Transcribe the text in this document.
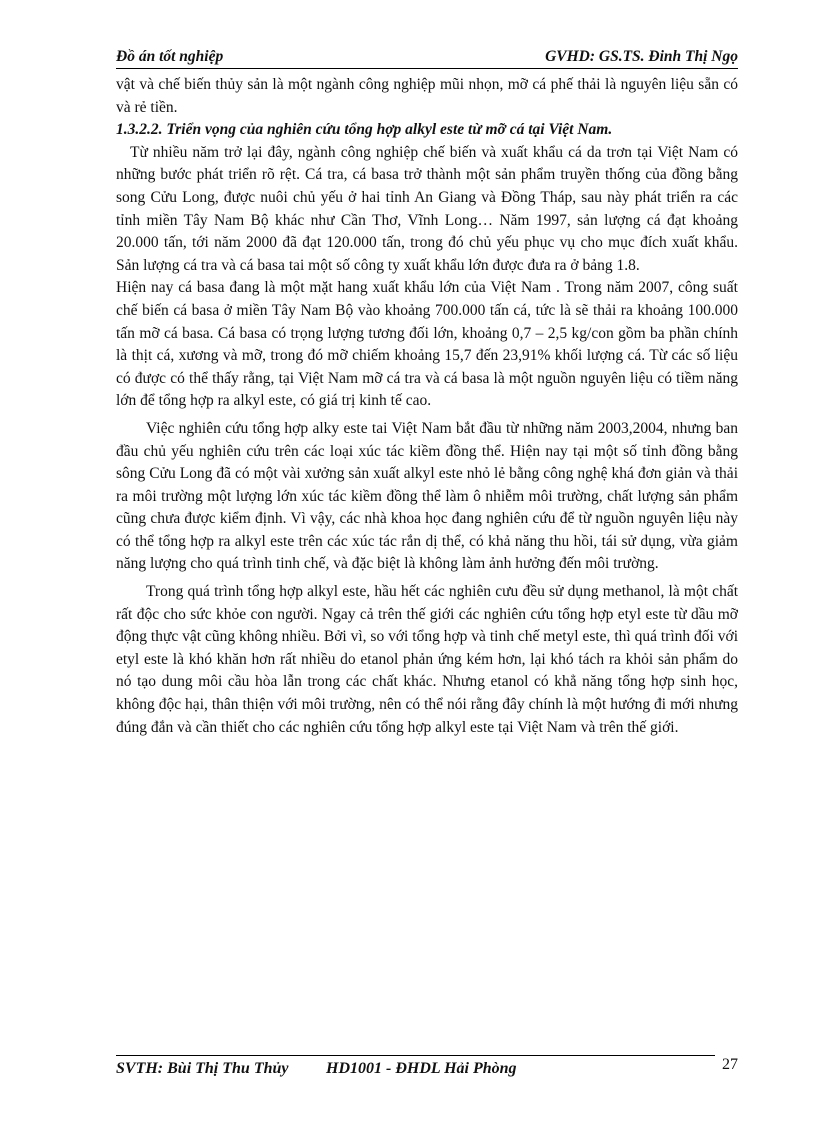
Đồ án tốt nghiệp	GVHD: GS.TS. Đinh Thị Ngọ

vật và chế biến thủy sản là một ngành công nghiệp mũi nhọn, mỡ cá phế thải là nguyên liệu sẵn có và rẻ tiền.

1.3.2.2. Triển vọng của nghiên cứu tổng hợp alkyl este từ mỡ cá tại Việt Nam.

Từ nhiều năm trở lại đây, ngành công nghiệp chế biến và xuất khẩu cá da trơn tại Việt Nam có những bước phát triển rõ rệt. Cá tra, cá basa trở thành một sản phẩm truyền thống của đồng bằng song Cửu Long, được nuôi chủ yếu ở hai tỉnh An Giang và Đồng Tháp, sau này phát triển ra các tỉnh miền Tây Nam Bộ khác như Cần Thơ, Vĩnh Long… Năm 1997, sản lượng cá đạt khoảng 20.000 tấn, tới năm 2000 đã đạt 120.000 tấn, trong đó chủ yếu phục vụ cho mục đích xuất khẩu. Sản lượng cá tra và cá basa tai một số công ty xuất khẩu lớn được đưa ra ở bảng 1.8.

Hiện nay cá basa đang là một mặt hang xuất khẩu lớn của Việt Nam . Trong năm 2007, công suất chế biến cá basa ở miền Tây Nam Bộ vào khoảng 700.000 tấn cá, tức là sẽ thải ra khoảng 100.000 tấn mỡ cá basa. Cá basa có trọng lượng tương đối lớn, khoảng 0,7 – 2,5 kg/con gồm ba phần chính là thịt cá, xương và mỡ, trong đó mỡ chiếm khoảng 15,7 đến 23,91% khối lượng cá. Từ các số liệu có được có thể thấy rằng, tại Việt Nam mỡ cá tra và cá basa là một nguồn nguyên liệu có tiềm năng lớn để tổng hợp ra alkyl este, có giá trị kinh tế cao.

Việc nghiên cứu tổng hợp alky este tai Việt Nam bắt đầu từ những năm 2003,2004, nhưng ban đầu chủ yếu nghiên cứu trên các loại xúc tác kiềm đồng thể. Hiện nay tại một số tỉnh đồng bằng sông Cửu Long đã có một vài xưởng sản xuất alkyl este nhỏ lẻ bằng công nghệ khá đơn giản và thải ra môi trường một lượng lớn xúc tác kiềm đồng thể làm ô nhiễm môi trường, chất lượng sản phẩm cũng chưa được kiểm định. Vì vậy, các nhà khoa học đang nghiên cứu để từ nguồn nguyên liệu này có thể tổng hợp ra alkyl este trên các xúc tác rắn dị thể, có khả năng thu hồi, tái sử dụng, vừa giảm năng lượng cho quá trình tinh chế, và đặc biệt là không làm ảnh hưởng đến môi trường.

Trong quá trình tổng hợp alkyl este, hầu hết các nghiên cưu đều sử dụng methanol, là một chất rất độc cho sức khỏe con người. Ngay cả trên thế giới các nghiên cứu tổng hợp etyl este từ dầu mỡ động thực vật cũng không nhiều. Bởi vì, so với tổng hợp và tinh chế metyl este, thì quá trình đối với etyl este là khó khăn hơn rất nhiều do etanol phản ứng kém hơn, lại khó tách ra khỏi sản phẩm do nó tạo dung môi cầu hòa lẫn trong các chất khác. Nhưng etanol có khẳ năng tổng hợp sinh học, không độc hại, thân thiện với môi trường, nên có thể nói rằng đây chính là một hướng đi mới nhưng đúng đắn và cần thiết cho các nghiên cứu tổng hợp alkyl este tại Việt Nam và trên thế giới.

SVTH: Bùi Thị Thu Thủy HD1001 - ĐHDL Hải Phòng	27
